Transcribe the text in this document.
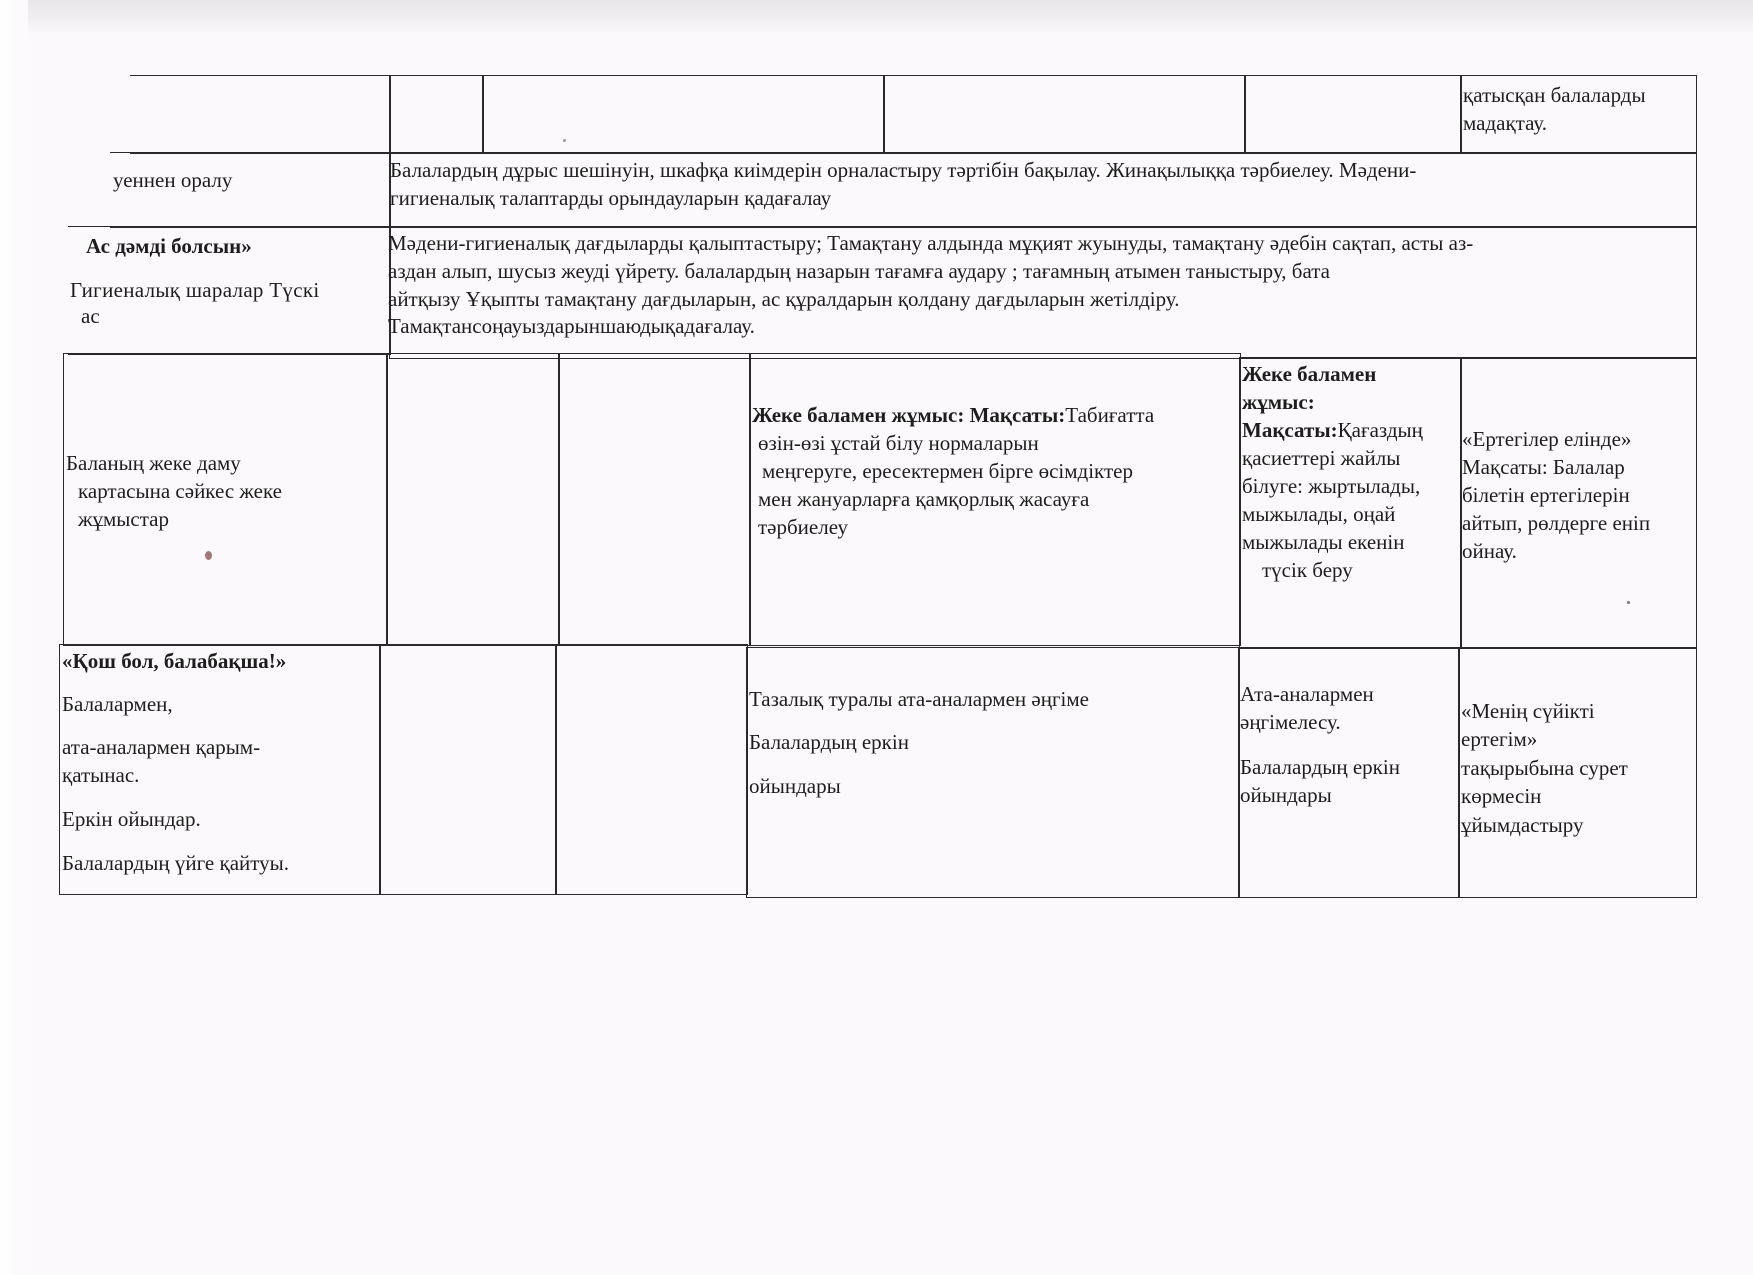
қатысқан балаларды
мадақтау.
уеннен оралу	Балалардың дұрыс шешінуін, шкафқа киімдерін орналастыру тәртібін бақылау. Жинақылыққа тәрбиелеу. Мәдени-
гигиеналық талаптарды орындауларын қадағалау
Ас дәмді болсын»
Гигиеналық шаралар Түскі
ас
Мәдени-гигиеналық дағдыларды қалыптастыру; Тамақтану алдында мұқият жуынуды, тамақтану әдебін сақтап, асты аз-
аздан алып, шусыз жеуді үйрету. балалардың назарын тағамға аудару ; тағамның атымен таныстыру, бата
айтқызу Ұқыпты тамақтану дағдыларын, ас құралдарын қолдану дағдыларын жетілдіру.
Тамақтансоңауыздарыншаюдықадағалау.
Баланың жеке даму
картасына сәйкес жеке
жұмыстар
Жеке баламен жұмыс: Мақсаты:Табиғатта
өзін-өзі ұстай білу нормаларын
меңгеруге, ересектермен бірге өсімдіктер
мен жануарларға қамқорлық жасауға
тәрбиелеу
Жеке баламен
жұмыс:
Мақсаты:Қағаздың
қасиеттері жайлы
білуге: жыртылады,
мыжылады, оңай
мыжылады екенін
түсік беру
«Ертегілер елінде»
Мақсаты: Балалар
білетін ертегілерін
айтып, рөлдерге еніп
ойнау.
«Қош бол, балабақша!»
Балалармен,
ата-аналармен қарым-
қатынас.
Еркін ойындар.
Балалардың үйге қайтуы.
Тазалық туралы ата-аналармен әңгіме
Балалардың еркін
ойындары
Ата-аналармен
әңгімелесу.
Балалардың еркін
ойындары
«Менің сүйікті
ертегім»
тақырыбына сурет
көрмесін
ұйымдастыру
